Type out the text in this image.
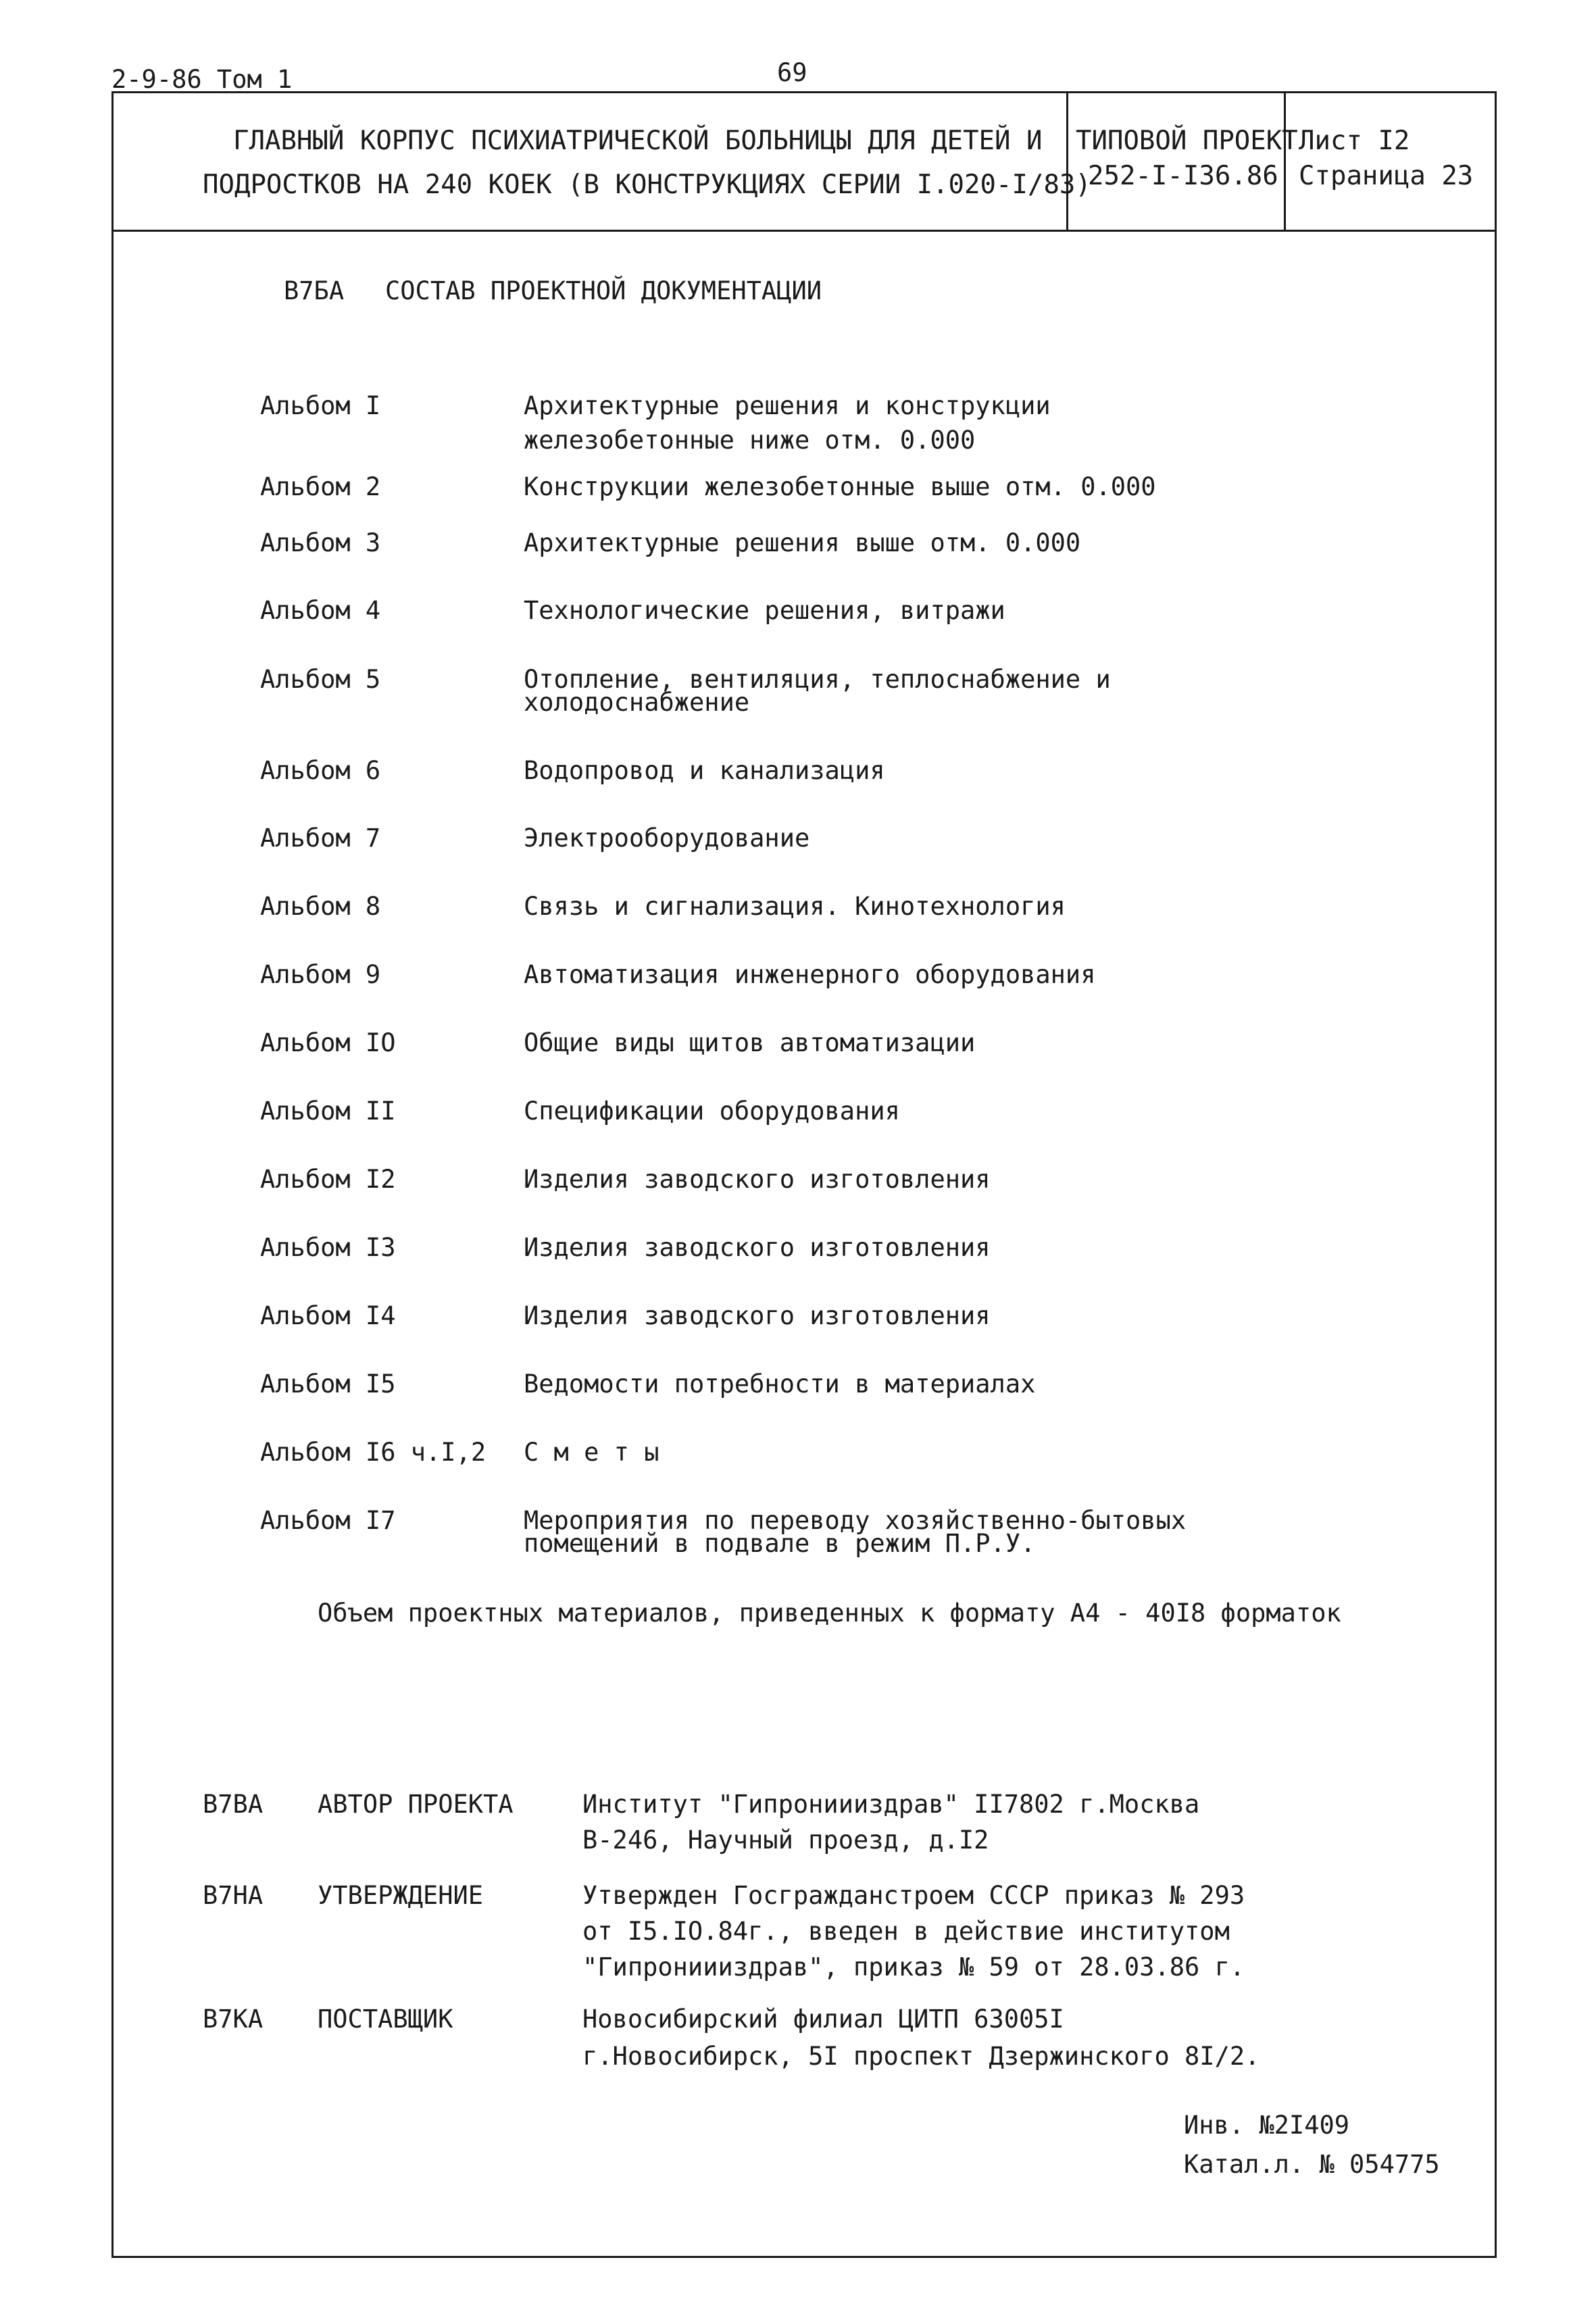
2-9-86 Том 1	69
ГЛАВНЫЙ КОРПУС ПСИХИАТРИЧЕСКОЙ БОЛЬНИЦЫ ДЛЯ ДЕТЕЙ И
ПОДРОСТКОВ НА 240 КОЕК (В КОНСТРУКЦИЯХ СЕРИИ I.020-I/83)
ТИПОВОЙ ПРОЕКТ
252-I-I36.86
Лист I2
Страница 23
В7БА СОСТАВ ПРОЕКТНОЙ ДОКУМЕНТАЦИИ
Альбом I	Архитектурные решения и конструкции
железобетонные ниже отм. 0.000
Альбом 2	Конструкции железобетонные выше отм. 0.000
Альбом 3	Архитектурные решения выше отм. 0.000
Альбом 4	Технологические решения, витражи
Альбом 5	Отопление, вентиляция, теплоснабжение и
холодоснабжение
Альбом 6	Водопровод и канализация
Альбом 7	Электрооборудование
Альбом 8	Связь и сигнализация. Кинотехнология
Альбом 9	Автоматизация инженерного оборудования
Альбом IO	Общие виды щитов автоматизации
Альбом II	Спецификации оборудования
Альбом I2	Изделия заводского изготовления
Альбом I3	Изделия заводского изготовления
Альбом I4	Изделия заводского изготовления
Альбом I5	Ведомости потребности в материалах
Альбом I6 ч.I,2 С м е т ы
Альбом I7	Мероприятия по переводу хозяйственно-бытовых
помещений в подвале в режим П.Р.У.
Объем проектных материалов, приведенных к формату А4 - 40I8 форматок
В7ВА АВТОР ПРОЕКТА	Институт "Гипрониииздрав" II7802 г.Москва
В-246, Научный проезд, д.I2
В7НА УТВЕРЖДЕНИЕ	Утвержден Госгражданстроем СССР приказ № 293
от I5.IO.84г., введен в действие институтом
"Гипрониииздрав", приказ № 59 от 28.03.86 г.
В7КА ПОСТАВЩИК	Новосибирский филиал ЦИТП 63005I
г.Новосибирск, 5I проспект Дзержинского 8I/2.
Инв. №2I409
Катал.л. № 054775
